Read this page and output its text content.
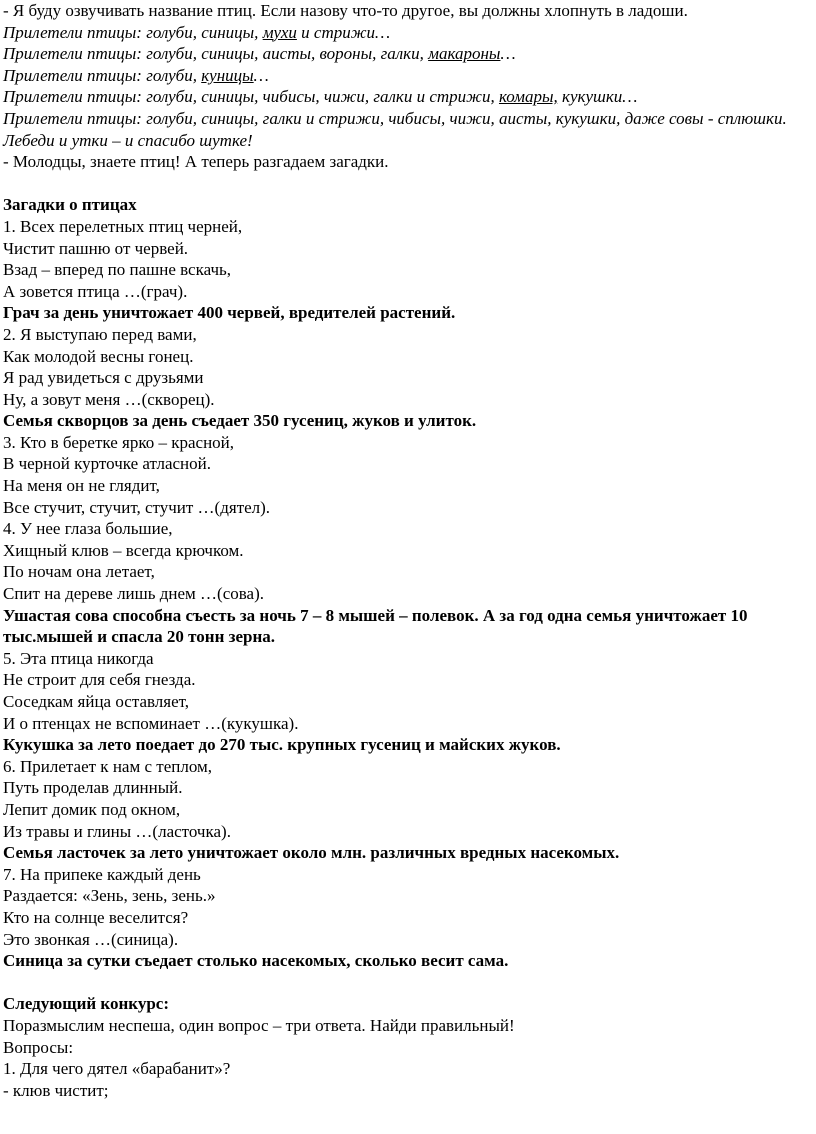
- Я буду озвучивать название птиц. Если назову что-то другое, вы должны хлопнуть в ладоши.
Прилетели птицы: голуби, синицы, мухи и стрижи…
Прилетели птицы: голуби, синицы, аисты, вороны, галки, макароны…
Прилетели птицы: голуби, куницы…
Прилетели птицы: голуби, синицы, чибисы, чижи, галки и стрижи, комары, кукушки…
Прилетели птицы: голуби, синицы, галки и стрижи, чибисы, чижи, аисты, кукушки, даже совы - сплюшки.
Лебеди и утки – и спасибо шутке!
- Молодцы, знаете птиц! А теперь разгадаем загадки.
Загадки о птицах
1. Всех перелетных птиц черней,
Чистит пашню от червей.
Взад – вперед по пашне вскачь,
А зовется птица …(грач).
Грач за день уничтожает 400 червей, вредителей растений.
2. Я выступаю перед вами,
Как молодой весны гонец.
Я рад увидеться с друзьями
Ну, а зовут меня …(скворец).
Семья скворцов за день съедает 350 гусениц, жуков и улиток.
3. Кто в беретке ярко – красной,
В черной курточке атласной.
На меня он не глядит,
Все стучит, стучит, стучит …(дятел).
4. У нее глаза большие,
Хищный клюв – всегда крючком.
По ночам она летает,
Спит на дереве лишь днем …(сова).
Ушастая сова способна съесть за ночь 7 – 8 мышей – полевок. А за год одна семья уничтожает 10 тыс.мышей и спасла 20 тонн зерна.
5. Эта птица никогда
Не строит для себя гнезда.
Соседкам яйца оставляет,
И о птенцах не вспоминает …(кукушка).
Кукушка за лето поедает до 270 тыс. крупных гусениц и майских жуков.
6. Прилетает к нам с теплом,
Путь проделав длинный.
Лепит домик под окном,
Из травы и глины …(ласточка).
Семья ласточек за лето уничтожает около млн. различных вредных насекомых.
7. На припеке каждый день
Раздается: «Зень, зень, зень.»
Кто на солнце веселится?
Это звонкая …(синица).
Синица за сутки съедает столько насекомых, сколько весит сама.
Следующий конкурс:
Поразмыслим неспеша, один вопрос – три ответа. Найди правильный!
Вопросы:
1. Для чего дятел «барабанит»?
- клюв чистит;
